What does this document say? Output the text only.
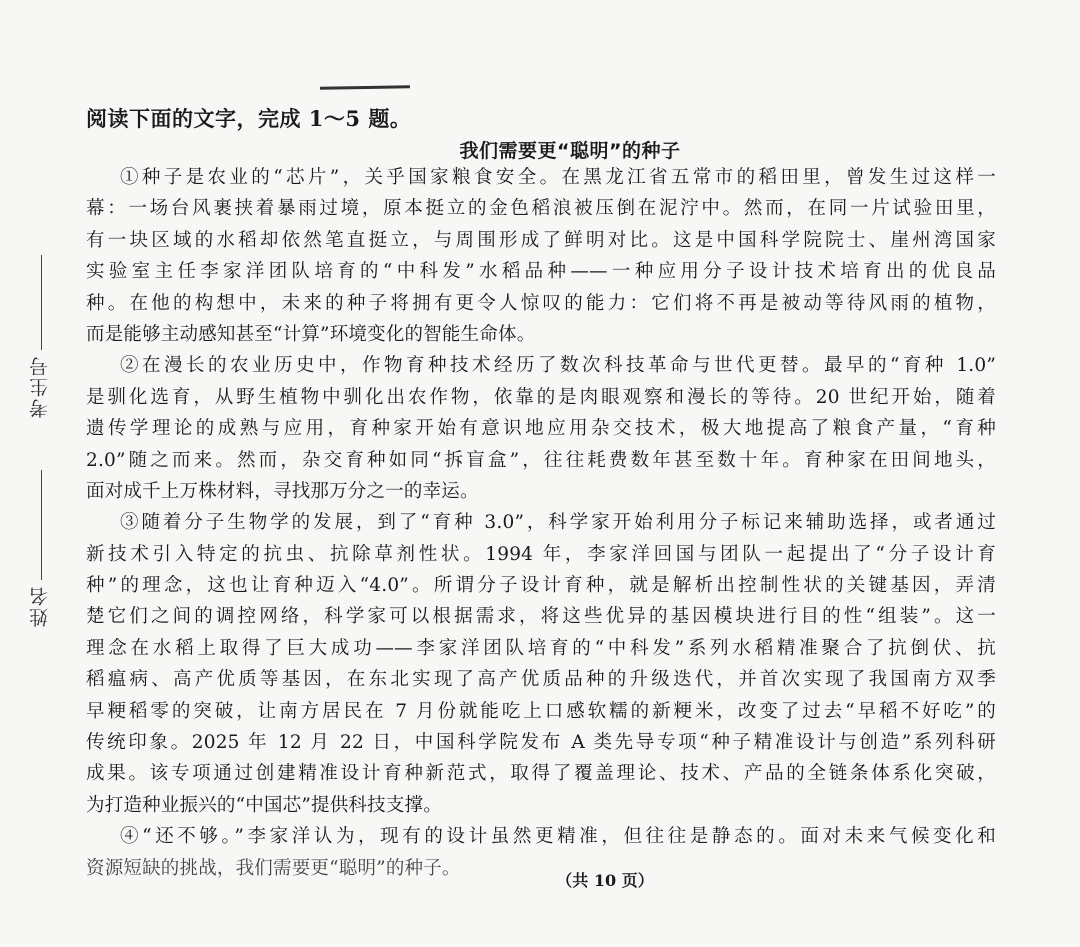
考生号
姓名
阅读下面的文字，完成 1～5 题。
我们需要更“聪明”的种子
①种子是农业的“芯片”，关乎国家粮食安全。在黑龙江省五常市的稻田里，曾发生过这样一
幕：一场台风裹挟着暴雨过境，原本挺立的金色稻浪被压倒在泥泞中。然而，在同一片试验田里，
有一块区域的水稻却依然笔直挺立，与周围形成了鲜明对比。这是中国科学院院士、崖州湾国家
实验室主任李家洋团队培育的“中科发”水稻品种——一种应用分子设计技术培育出的优良品
种。在他的构想中，未来的种子将拥有更令人惊叹的能力：它们将不再是被动等待风雨的植物，
而是能够主动感知甚至“计算”环境变化的智能生命体。
②在漫长的农业历史中，作物育种技术经历了数次科技革命与世代更替。最早的“育种 1.0”
是驯化选育，从野生植物中驯化出农作物，依靠的是肉眼观察和漫长的等待。20 世纪开始，随着
遗传学理论的成熟与应用，育种家开始有意识地应用杂交技术，极大地提高了粮食产量，“育种
2.0”随之而来。然而，杂交育种如同“拆盲盒”，往往耗费数年甚至数十年。育种家在田间地头，
面对成千上万株材料，寻找那万分之一的幸运。
③随着分子生物学的发展，到了“育种 3.0”，科学家开始利用分子标记来辅助选择，或者通过
新技术引入特定的抗虫、抗除草剂性状。1994 年，李家洋回国与团队一起提出了“分子设计育
种”的理念，这也让育种迈入“4.0”。所谓分子设计育种，就是解析出控制性状的关键基因，弄清
楚它们之间的调控网络，科学家可以根据需求，将这些优异的基因模块进行目的性“组装”。这一
理念在水稻上取得了巨大成功——李家洋团队培育的“中科发”系列水稻精准聚合了抗倒伏、抗
稻瘟病、高产优质等基因，在东北实现了高产优质品种的升级迭代，并首次实现了我国南方双季
早粳稻零的突破，让南方居民在 7 月份就能吃上口感软糯的新粳米，改变了过去“早稻不好吃”的
传统印象。2025 年 12 月 22 日，中国科学院发布 A 类先导专项“种子精准设计与创造”系列科研
成果。该专项通过创建精准设计育种新范式，取得了覆盖理论、技术、产品的全链条体系化突破，
为打造种业振兴的“中国芯”提供科技支撑。
④“还不够。”李家洋认为，现有的设计虽然更精准，但往往是静态的。面对未来气候变化和
资源短缺的挑战，我们需要更“聪明”的种子。
（共 10 页）
